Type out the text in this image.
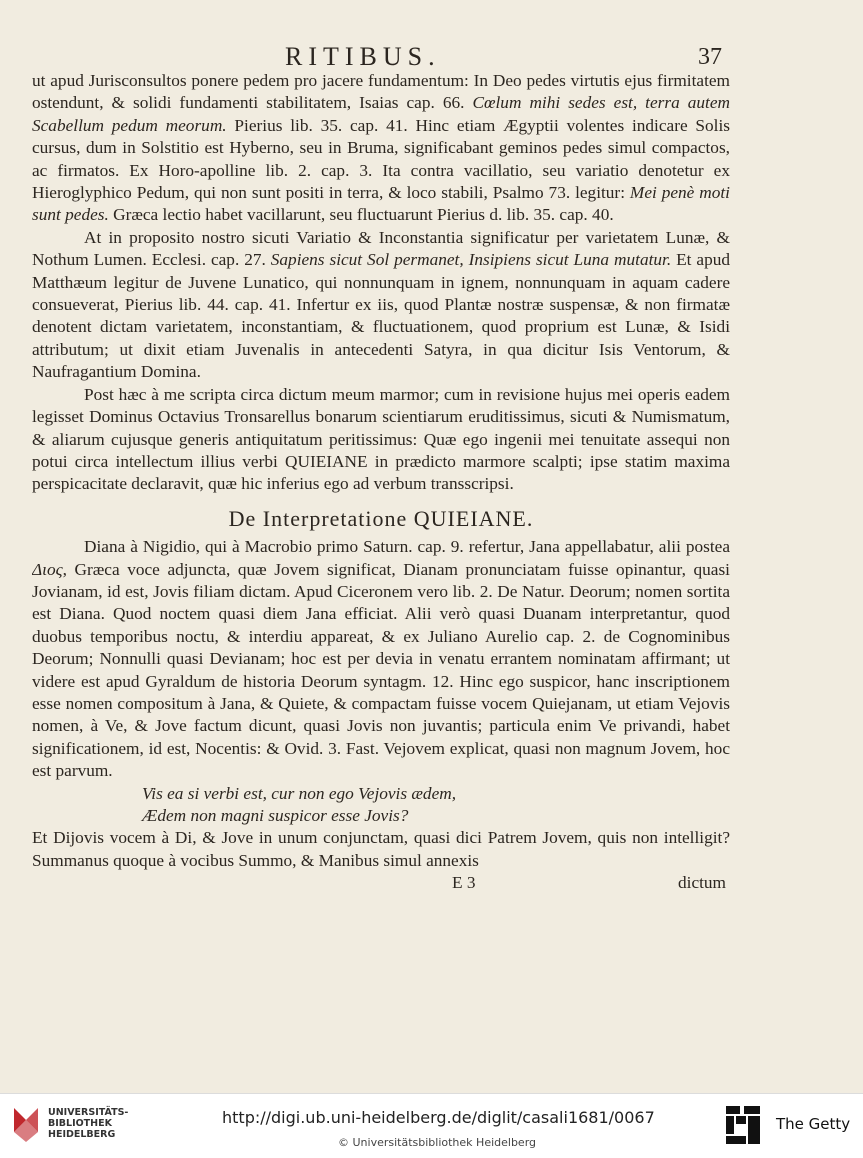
RITIBUS.	37

ut apud Jurisconsultos ponere pedem pro jacere fundamentum: In Deo pedes virtutis ejus firmitatem ostendunt, & solidi fundamenti stabilitatem, Isaias cap. 66. Cœlum mihi sedes est, terra autem Scabellum pedum meorum. Pierius lib. 35. cap. 41. Hinc etiam Ægyptii volentes indicare Solis cursus, dum in Solstitio est Hyberno, seu in Bruma, significabant geminos pedes simul compactos, ac firmatos. Ex Horo-apolline lib. 2. cap. 3. Ita contra vacillatio, seu variatio denotetur ex Hieroglyphico Pedum, qui non sunt positi in terra, & loco stabili, Psalmo 73. legitur: Mei penè moti sunt pedes. Græca lectio habet vacillarunt, seu fluctuarunt Pierius d. lib. 35. cap. 40.

At in proposito nostro sicuti Variatio & Inconstantia significatur per varietatem Lunæ, & Nothum Lumen. Ecclesi. cap. 27. Sapiens sicut Sol permanet, Insipiens sicut Luna mutatur. Et apud Matthæum legitur de Juvene Lunatico, qui nonnunquam in ignem, nonnunquam in aquam cadere consueverat, Pierius lib. 44. cap. 41. Infertur ex iis, quod Plantæ nostræ suspensæ, & non firmatæ denotent dictam varietatem, inconstantiam, & fluctuationem, quod proprium est Lunæ, & Isidi attributum; ut dixit etiam Juvenalis in antecedenti Satyra, in qua dicitur Isis Ventorum, & Naufragantium Domina.

Post hæc à me scripta circa dictum meum marmor; cum in revisione hujus mei operis eadem legisset Dominus Octavius Tronsarellus bonarum scientiarum eruditissimus, sicuti & Numismatum, & aliarum cujusque generis antiquitatum peritissimus: Quæ ego ingenii mei tenuitate assequi non potui circa intellectum illius verbi QUIEIANE in prædicto marmore scalpti; ipse statim maxima perspicacitate declaravit, quæ hic inferius ego ad verbum transscripsi.

De Interpretatione QUIEIANE.

Diana à Nigidio, qui à Macrobio primo Saturn. cap. 9. refertur, Jana appellabatur, alii postea Διος, Græca voce adjuncta, quæ Jovem significat, Dianam pronunciatam fuisse opinantur, quasi Jovianam, id est, Jovis filiam dictam. Apud Ciceronem vero lib. 2. De Natur. Deorum; nomen sortita est Diana. Quod noctem quasi diem Jana efficiat. Alii verò quasi Duanam interpretantur, quod duobus temporibus noctu, & interdiu appareat, & ex Juliano Aurelio cap. 2. de Cognominibus Deorum; Nonnulli quasi Devianam; hoc est per devia in venatu errantem nominatam affirmant; ut videre est apud Gyraldum de historia Deorum syntagm. 12. Hinc ego suspicor, hanc inscriptionem esse nomen compositum à Jana, & Quiete, & compactam fuisse vocem Quiejanam, ut etiam Vejovis nomen, à Ve, & Jove factum dicunt, quasi Jovis non juvantis; particula enim Ve privandi, habet significationem, id est, Nocentis: & Ovid. 3. Fast. Vejovem explicat, quasi non magnum Jovem, hoc est parvum.

Vis ea si verbi est, cur non ego Vejovis ædem,

Ædem non magni suspicor esse Jovis?

Et Dijovis vocem à Di, & Jove in unum conjunctam, quasi dici Patrem Jovem, quis non intelligit? Summanus quoque à vocibus Summo, & Manibus simul annexis

E 3	dictum
UNIVERSITÄTS-
BIBLIOTHEK
HEIDELBERG
http://digi.ub.uni-heidelberg.de/diglit/casali1681/0067
© Universitätsbibliothek Heidelberg
The Getty
